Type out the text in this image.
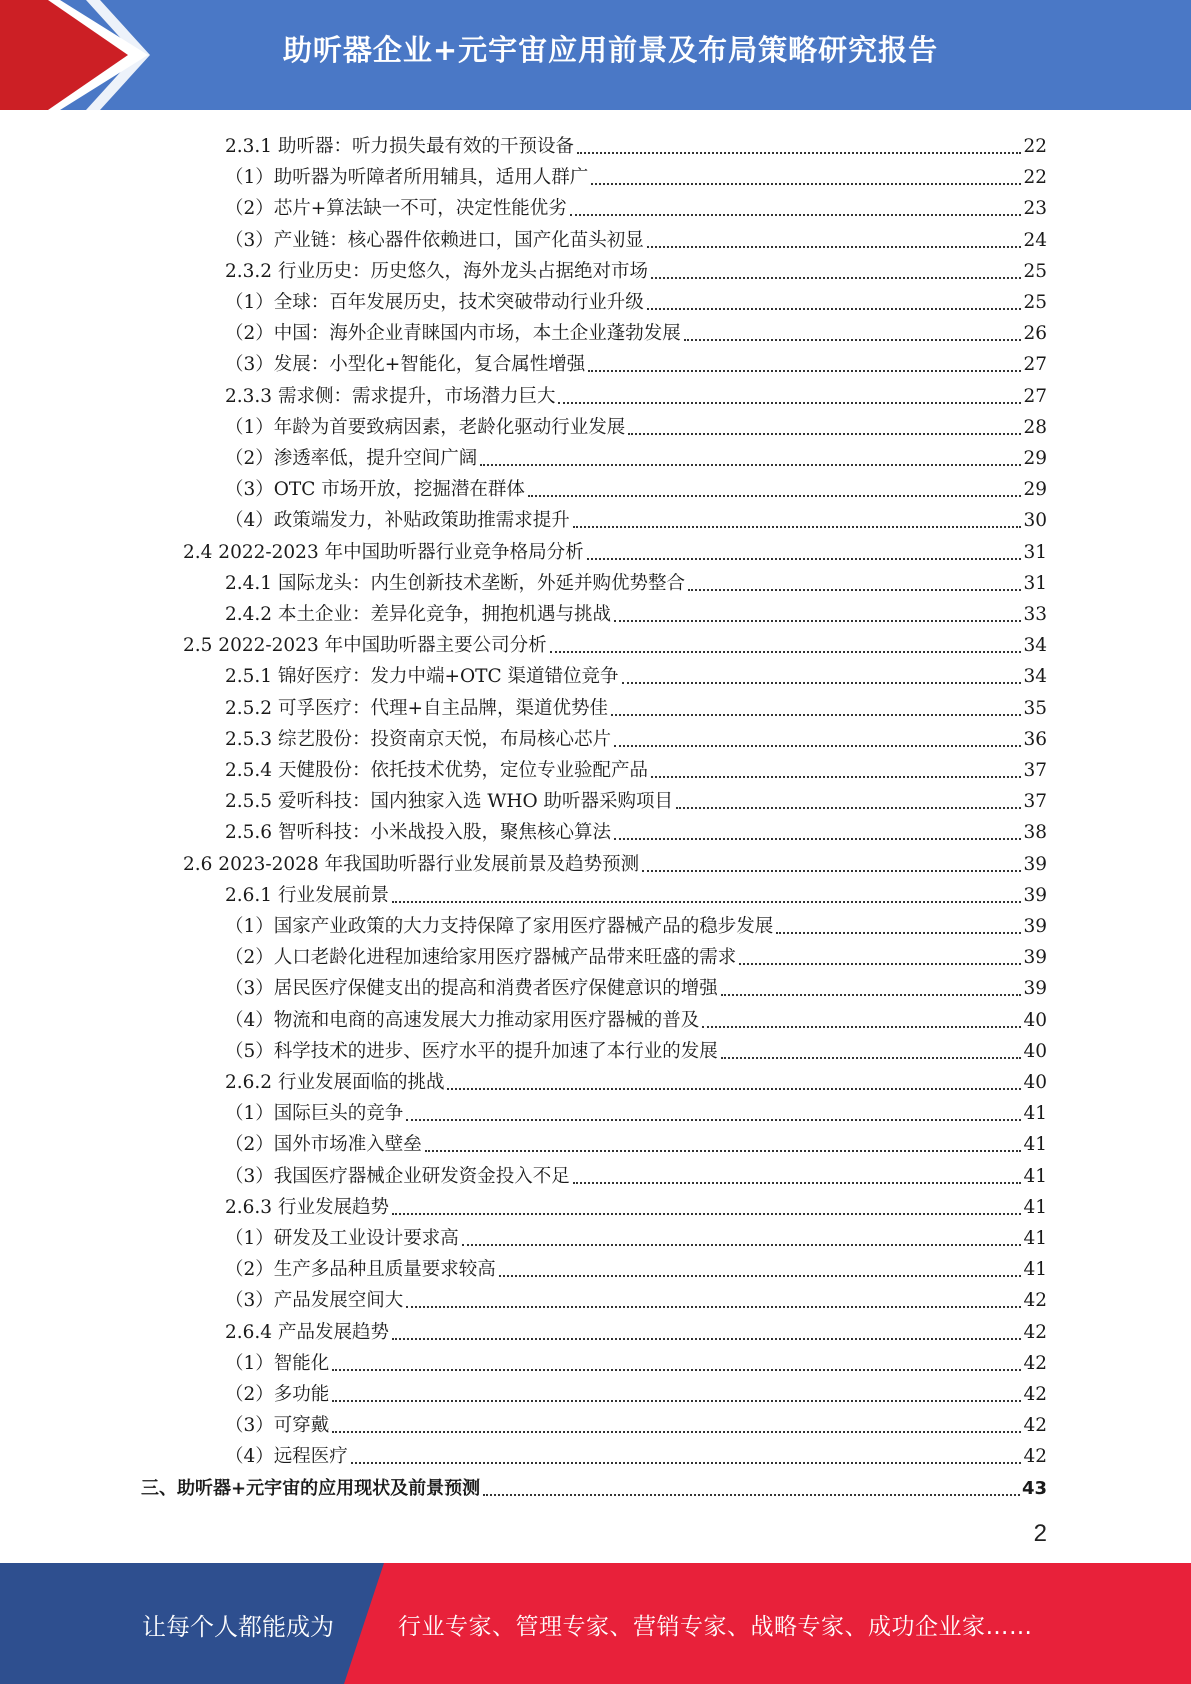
助听器企业+元宇宙应用前景及布局策略研究报告
2.3.1 助听器：听力损失最有效的干预设备	22
（1）助听器为听障者所用辅具，适用人群广	22
（2）芯片+算法缺一不可，决定性能优劣	23
（3）产业链：核心器件依赖进口，国产化苗头初显	24
2.3.2 行业历史：历史悠久，海外龙头占据绝对市场	25
（1）全球：百年发展历史，技术突破带动行业升级	25
（2）中国：海外企业青睐国内市场，本土企业蓬勃发展	26
（3）发展：小型化+智能化，复合属性增强	27
2.3.3 需求侧：需求提升，市场潜力巨大	27
（1）年龄为首要致病因素，老龄化驱动行业发展	28
（2）渗透率低，提升空间广阔	29
（3）OTC 市场开放，挖掘潜在群体	29
（4）政策端发力，补贴政策助推需求提升	30
2.4 2022-2023 年中国助听器行业竞争格局分析	31
2.4.1 国际龙头：内生创新技术垄断，外延并购优势整合	31
2.4.2 本土企业：差异化竞争，拥抱机遇与挑战	33
2.5 2022-2023 年中国助听器主要公司分析	34
2.5.1 锦好医疗：发力中端+OTC 渠道错位竞争	34
2.5.2 可孚医疗：代理+自主品牌，渠道优势佳	35
2.5.3 综艺股份：投资南京天悦，布局核心芯片	36
2.5.4 天健股份：依托技术优势，定位专业验配产品	37
2.5.5 爱听科技：国内独家入选 WHO 助听器采购项目	37
2.5.6 智听科技：小米战投入股，聚焦核心算法	38
2.6 2023-2028 年我国助听器行业发展前景及趋势预测	39
2.6.1 行业发展前景	39
（1）国家产业政策的大力支持保障了家用医疗器械产品的稳步发展	39
（2）人口老龄化进程加速给家用医疗器械产品带来旺盛的需求	39
（3）居民医疗保健支出的提高和消费者医疗保健意识的增强	39
（4）物流和电商的高速发展大力推动家用医疗器械的普及	40
（5）科学技术的进步、医疗水平的提升加速了本行业的发展	40
2.6.2 行业发展面临的挑战	40
（1）国际巨头的竞争	41
（2）国外市场准入壁垒	41
（3）我国医疗器械企业研发资金投入不足	41
2.6.3 行业发展趋势	41
（1）研发及工业设计要求高	41
（2）生产多品种且质量要求较高	41
（3）产品发展空间大	42
2.6.4 产品发展趋势	42
（1）智能化	42
（2）多功能	42
（3）可穿戴	42
（4）远程医疗	42
三、助听器+元宇宙的应用现状及前景预测	43
2
让每个人都能成为	行业专家、管理专家、营销专家、战略专家、成功企业家……
